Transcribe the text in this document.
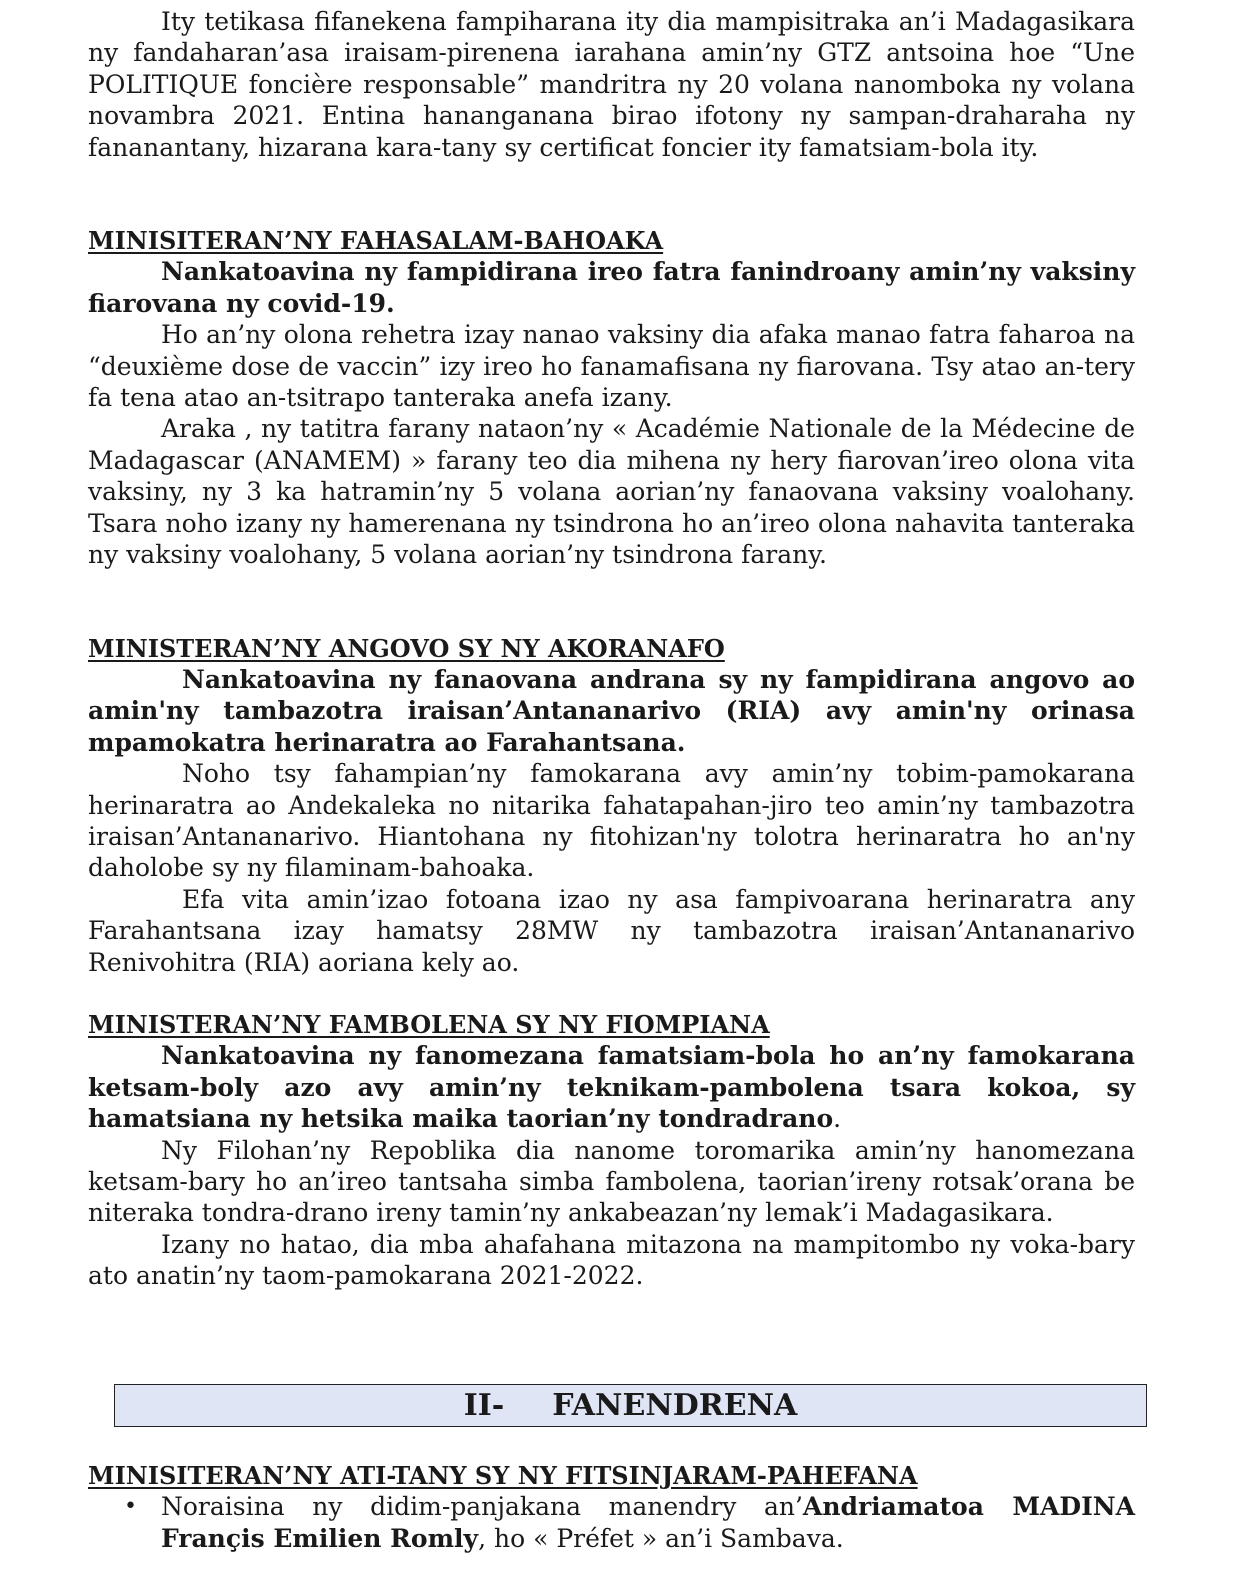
Ity tetikasa fifanekena fampiharana ity dia mampisitraka an’i Madagasikara ny fandaharan’asa iraisam-pirenena iarahana amin’ny GTZ antsoina hoe “Une POLITIQUE foncière responsable” mandritra ny 20 volana nanomboka ny volana novambra 2021. Entina hananganana birao ifotony ny sampan-draharaha ny fananantany, hizarana kara-tany sy certificat foncier ity famatsiam-bola ity.

MINISITERAN’NY FAHASALAM-BAHOAKA

Nankatoavina ny fampidirana ireo fatra fanindroany amin’ny vaksiny fiarovana ny covid-19.

Ho an’ny olona rehetra izay nanao vaksiny dia afaka manao fatra faharoa na “deuxième dose de vaccin” izy ireo ho fanamafisana ny fiarovana. Tsy atao an-tery fa tena atao an-tsitrapo tanteraka anefa izany.

Araka , ny tatitra farany nataon’ny « Académie Nationale de la Médecine de Madagascar (ANAMEM) » farany teo dia mihena ny hery fiarovan’ireo olona vita vaksiny, ny 3 ka hatramin’ny 5 volana aorian’ny fanaovana vaksiny voalohany. Tsara noho izany ny hamerenana ny tsindrona ho an’ireo olona nahavita tanteraka ny vaksiny voalohany, 5 volana aorian’ny tsindrona farany.

MINISTERAN’NY ANGOVO SY NY AKORANAFO

Nankatoavina ny fanaovana andrana sy ny fampidirana angovo ao amin'ny tambazotra iraisan’Antananarivo (RIA) avy amin'ny orinasa mpamokatra herinaratra ao Farahantsana.

Noho tsy fahampian’ny famokarana avy amin’ny tobim-pamokarana herinaratra ao Andekaleka no nitarika fahatapahan-jiro teo amin’ny tambazotra iraisan’Antananarivo. Hiantohana ny fitohizan'ny tolotra herinaratra ho an'ny daholobe sy ny filaminam-bahoaka.

Efa vita amin’izao fotoana izao ny asa fampivoarana herinaratra any Farahantsana izay hamatsy 28MW ny tambazotra iraisan’Antananarivo Renivohitra (RIA) aoriana kely ao.

MINISTERAN’NY FAMBOLENA SY NY FIOMPIANA

Nankatoavina ny fanomezana famatsiam-bola ho an’ny famokarana ketsam-boly azo avy amin’ny teknikam-pambolena tsara kokoa, sy hamatsiana ny hetsika maika taorian’ny tondradrano.

Ny Filohan’ny Repoblika dia nanome toromarika amin’ny hanomezana ketsam-bary ho an’ireo tantsaha simba fambolena, taorian’ireny rotsak’orana be niteraka tondra-drano ireny tamin’ny ankabeazan’ny lemak’i Madagasikara.

Izany no hatao, dia mba ahafahana mitazona na mampitombo ny voka-bary ato anatin’ny taom-pamokarana 2021-2022.

II- FANENDRENA
MINISITERAN’NY ATI-TANY SY NY FITSINJARAM-PAHEFANA

• Noraisina ny didim-panjakana manendry an’Andriamatoa MADINA Françis Emilien Romly, ho « Préfet » an’i Sambava.
